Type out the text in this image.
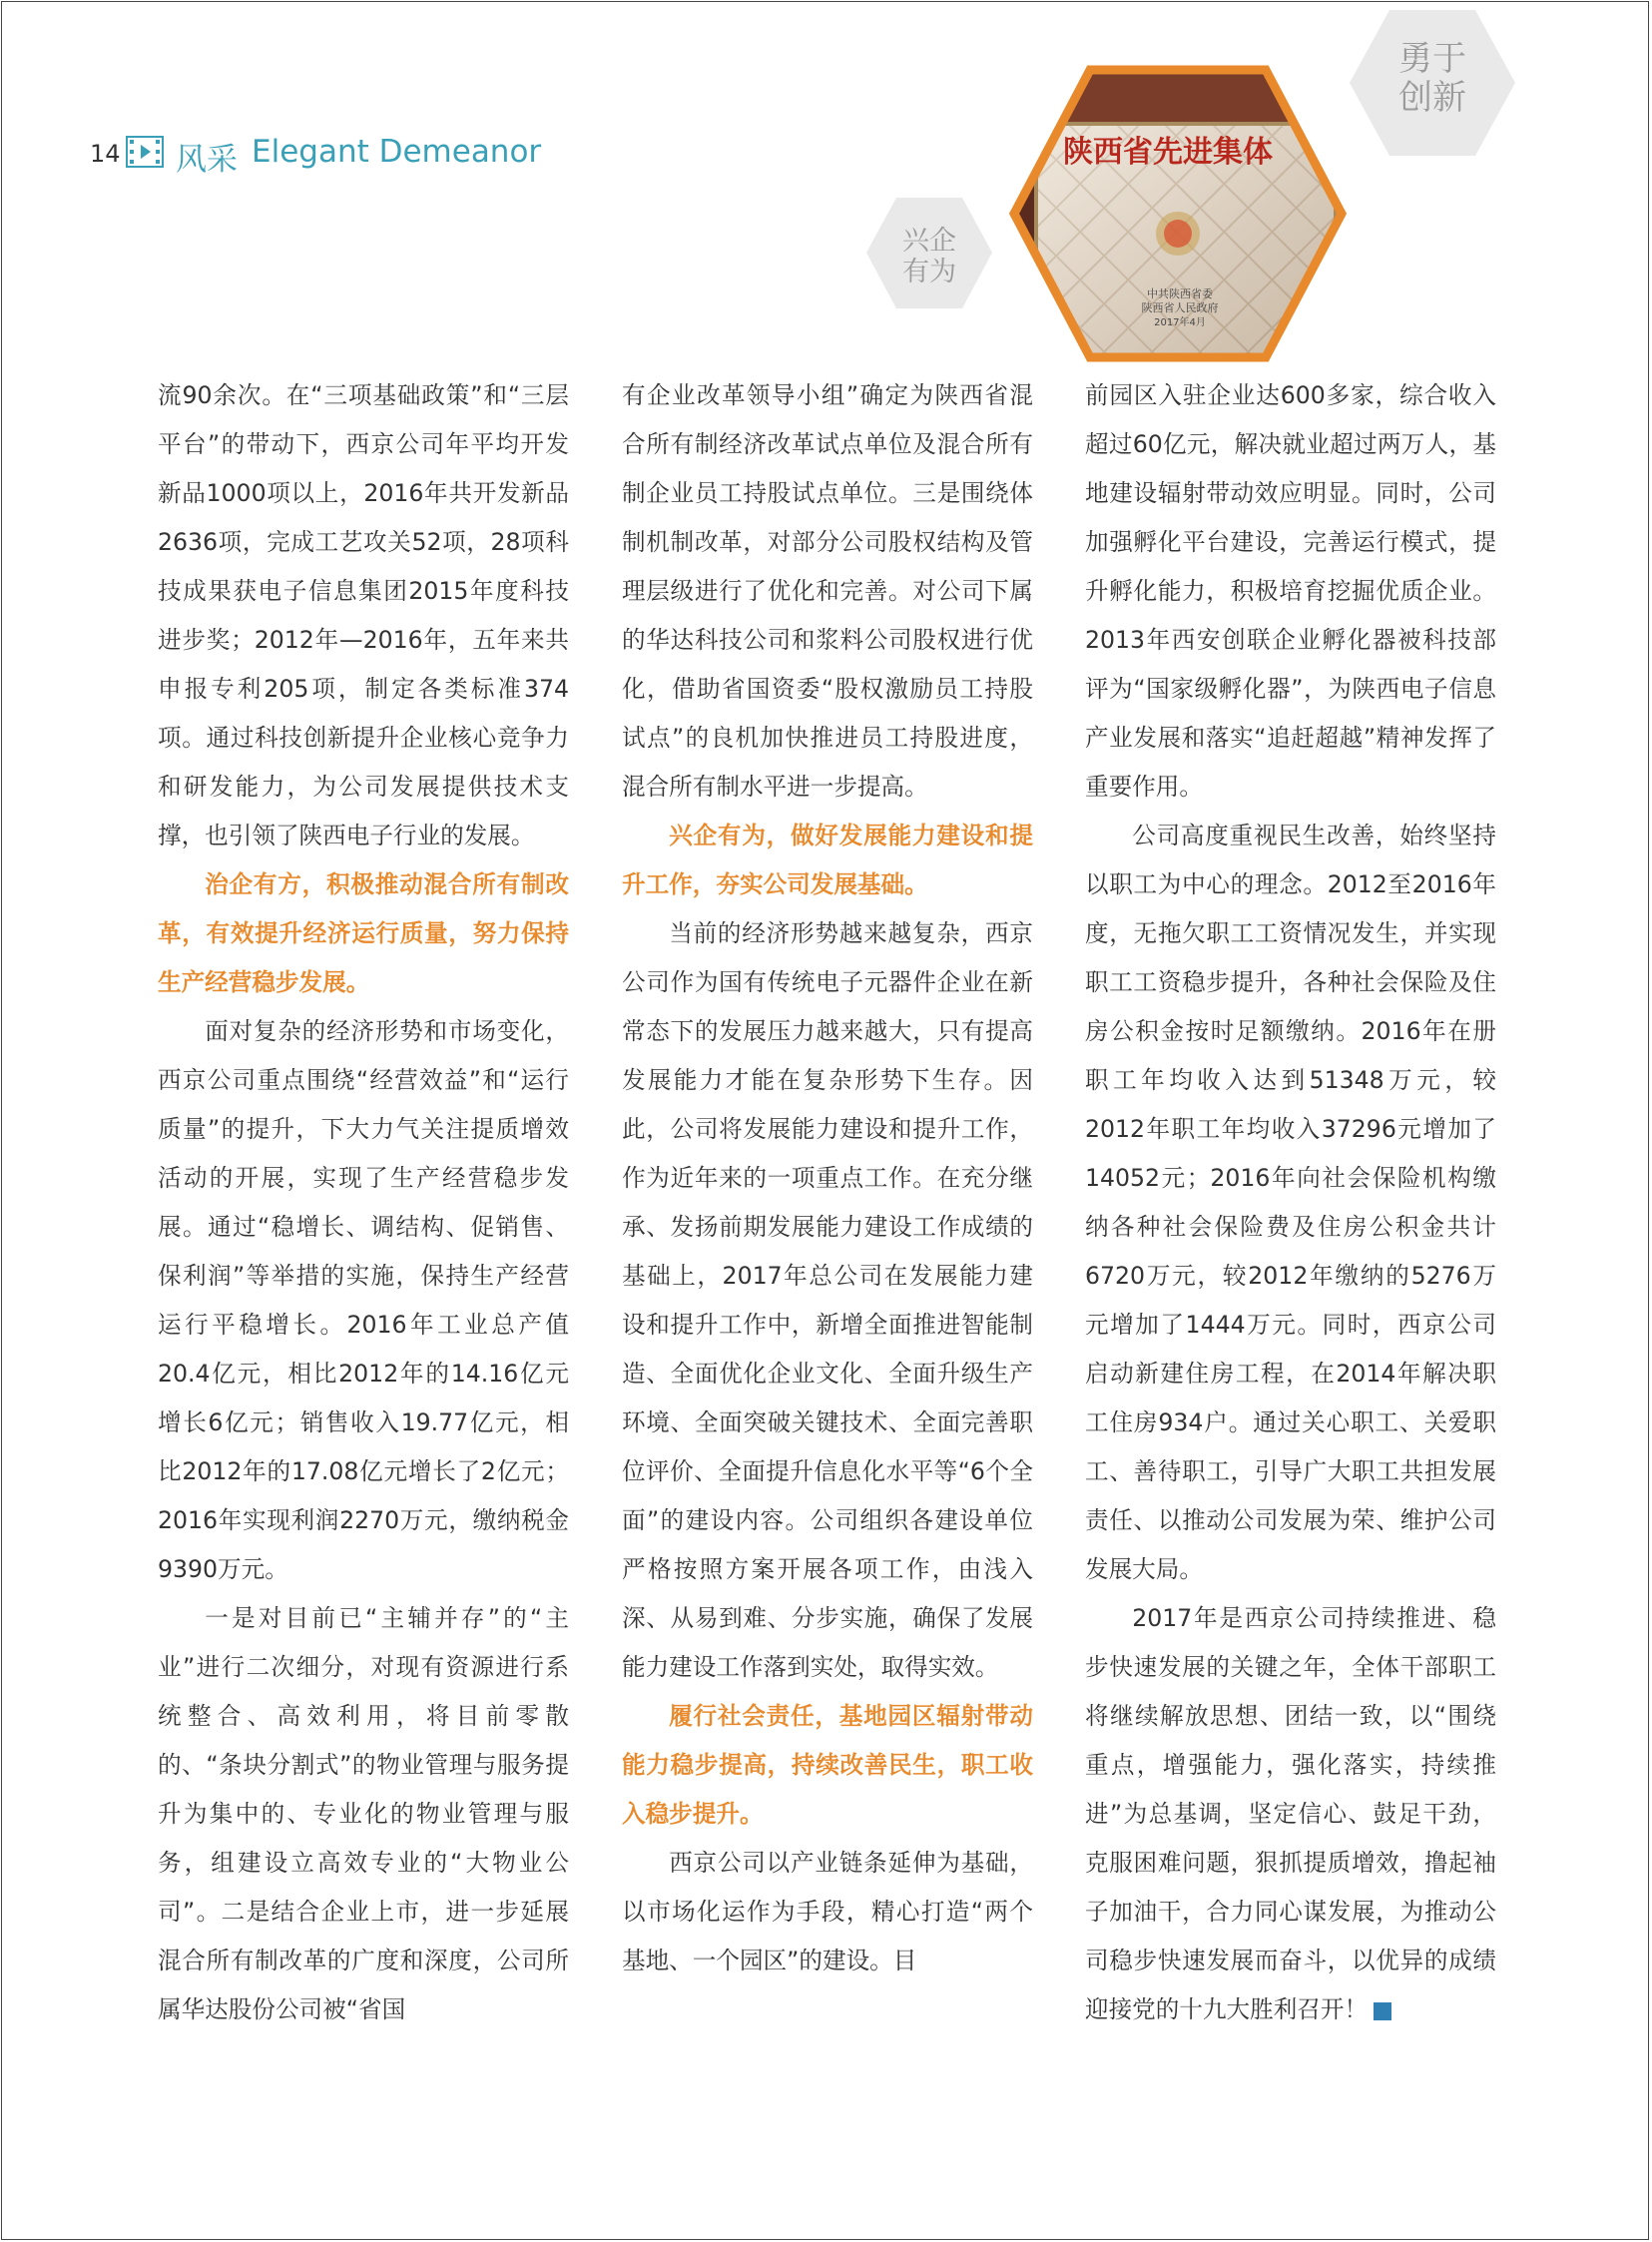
14 风采 Elegant Demeanor
勇于
创新
兴企
有为
陕西省先进集体
中共陕西省委
陕西省人民政府
2017年4月

流90余次。在“三项基础政策”和“三层平台”的带动下，西京公司年平均开发新品1000项以上，2016年共开发新品2636项，完成工艺攻关52项，28项科技成果获电子信息集团2015年度科技进步奖；2012年—2016年，五年来共申报专利205项，制定各类标准374项。通过科技创新提升企业核心竞争力和研发能力，为公司发展提供技术支撑，也引领了陕西电子行业的发展。

治企有方，积极推动混合所有制改革，有效提升经济运行质量，努力保持生产经营稳步发展。

面对复杂的经济形势和市场变化，西京公司重点围绕“经营效益”和“运行质量”的提升，下大力气关注提质增效活动的开展，实现了生产经营稳步发展。通过“稳增长、调结构、促销售、保利润”等举措的实施，保持生产经营运行平稳增长。2016年工业总产值20.4亿元，相比2012年的14.16亿元增长6亿元；销售收入19.77亿元，相比2012年的17.08亿元增长了2亿元；2016年实现利润2270万元，缴纳税金9390万元。

一是对目前已“主辅并存”的“主业”进行二次细分，对现有资源进行系统整合、高效利用，将目前零散的、“条块分割式”的物业管理与服务提升为集中的、专业化的物业管理与服务，组建设立高效专业的“大物业公司”。二是结合企业上市，进一步延展混合所有制改革的广度和深度，公司所属华达股份公司被“省国

有企业改革领导小组”确定为陕西省混合所有制经济改革试点单位及混合所有制企业员工持股试点单位。三是围绕体制机制改革，对部分公司股权结构及管理层级进行了优化和完善。对公司下属的华达科技公司和浆料公司股权进行优化，借助省国资委“股权激励员工持股试点”的良机加快推进员工持股进度，混合所有制水平进一步提高。

兴企有为，做好发展能力建设和提升工作，夯实公司发展基础。

当前的经济形势越来越复杂，西京公司作为国有传统电子元器件企业在新常态下的发展压力越来越大，只有提高发展能力才能在复杂形势下生存。因此，公司将发展能力建设和提升工作，作为近年来的一项重点工作。在充分继承、发扬前期发展能力建设工作成绩的基础上，2017年总公司在发展能力建设和提升工作中，新增全面推进智能制造、全面优化企业文化、全面升级生产环境、全面突破关键技术、全面完善职位评价、全面提升信息化水平等“6个全面”的建设内容。公司组织各建设单位严格按照方案开展各项工作，由浅入深、从易到难、分步实施，确保了发展能力建设工作落到实处，取得实效。

履行社会责任，基地园区辐射带动能力稳步提高，持续改善民生，职工收入稳步提升。

西京公司以产业链条延伸为基础，以市场化运作为手段，精心打造“两个基地、一个园区”的建设。目

前园区入驻企业达600多家，综合收入超过60亿元，解决就业超过两万人，基地建设辐射带动效应明显。同时，公司加强孵化平台建设，完善运行模式，提升孵化能力，积极培育挖掘优质企业。2013年西安创联企业孵化器被科技部评为“国家级孵化器”，为陕西电子信息产业发展和落实“追赶超越”精神发挥了重要作用。

公司高度重视民生改善，始终坚持以职工为中心的理念。2012至2016年度，无拖欠职工工资情况发生，并实现职工工资稳步提升，各种社会保险及住房公积金按时足额缴纳。2016年在册职工年均收入达到51348万元，较2012年职工年均收入37296元增加了14052元；2016年向社会保险机构缴纳各种社会保险费及住房公积金共计6720万元，较2012年缴纳的5276万元增加了1444万元。同时，西京公司启动新建住房工程，在2014年解决职工住房934户。通过关心职工、关爱职工、善待职工，引导广大职工共担发展责任、以推动公司发展为荣、维护公司发展大局。

2017年是西京公司持续推进、稳步快速发展的关键之年，全体干部职工将继续解放思想、团结一致，以“围绕重点，增强能力，强化落实，持续推进”为总基调，坚定信心、鼓足干劲，克服困难问题，狠抓提质增效，撸起袖子加油干，合力同心谋发展，为推动公司稳步快速发展而奋斗，以优异的成绩迎接党的十九大胜利召开！	S
